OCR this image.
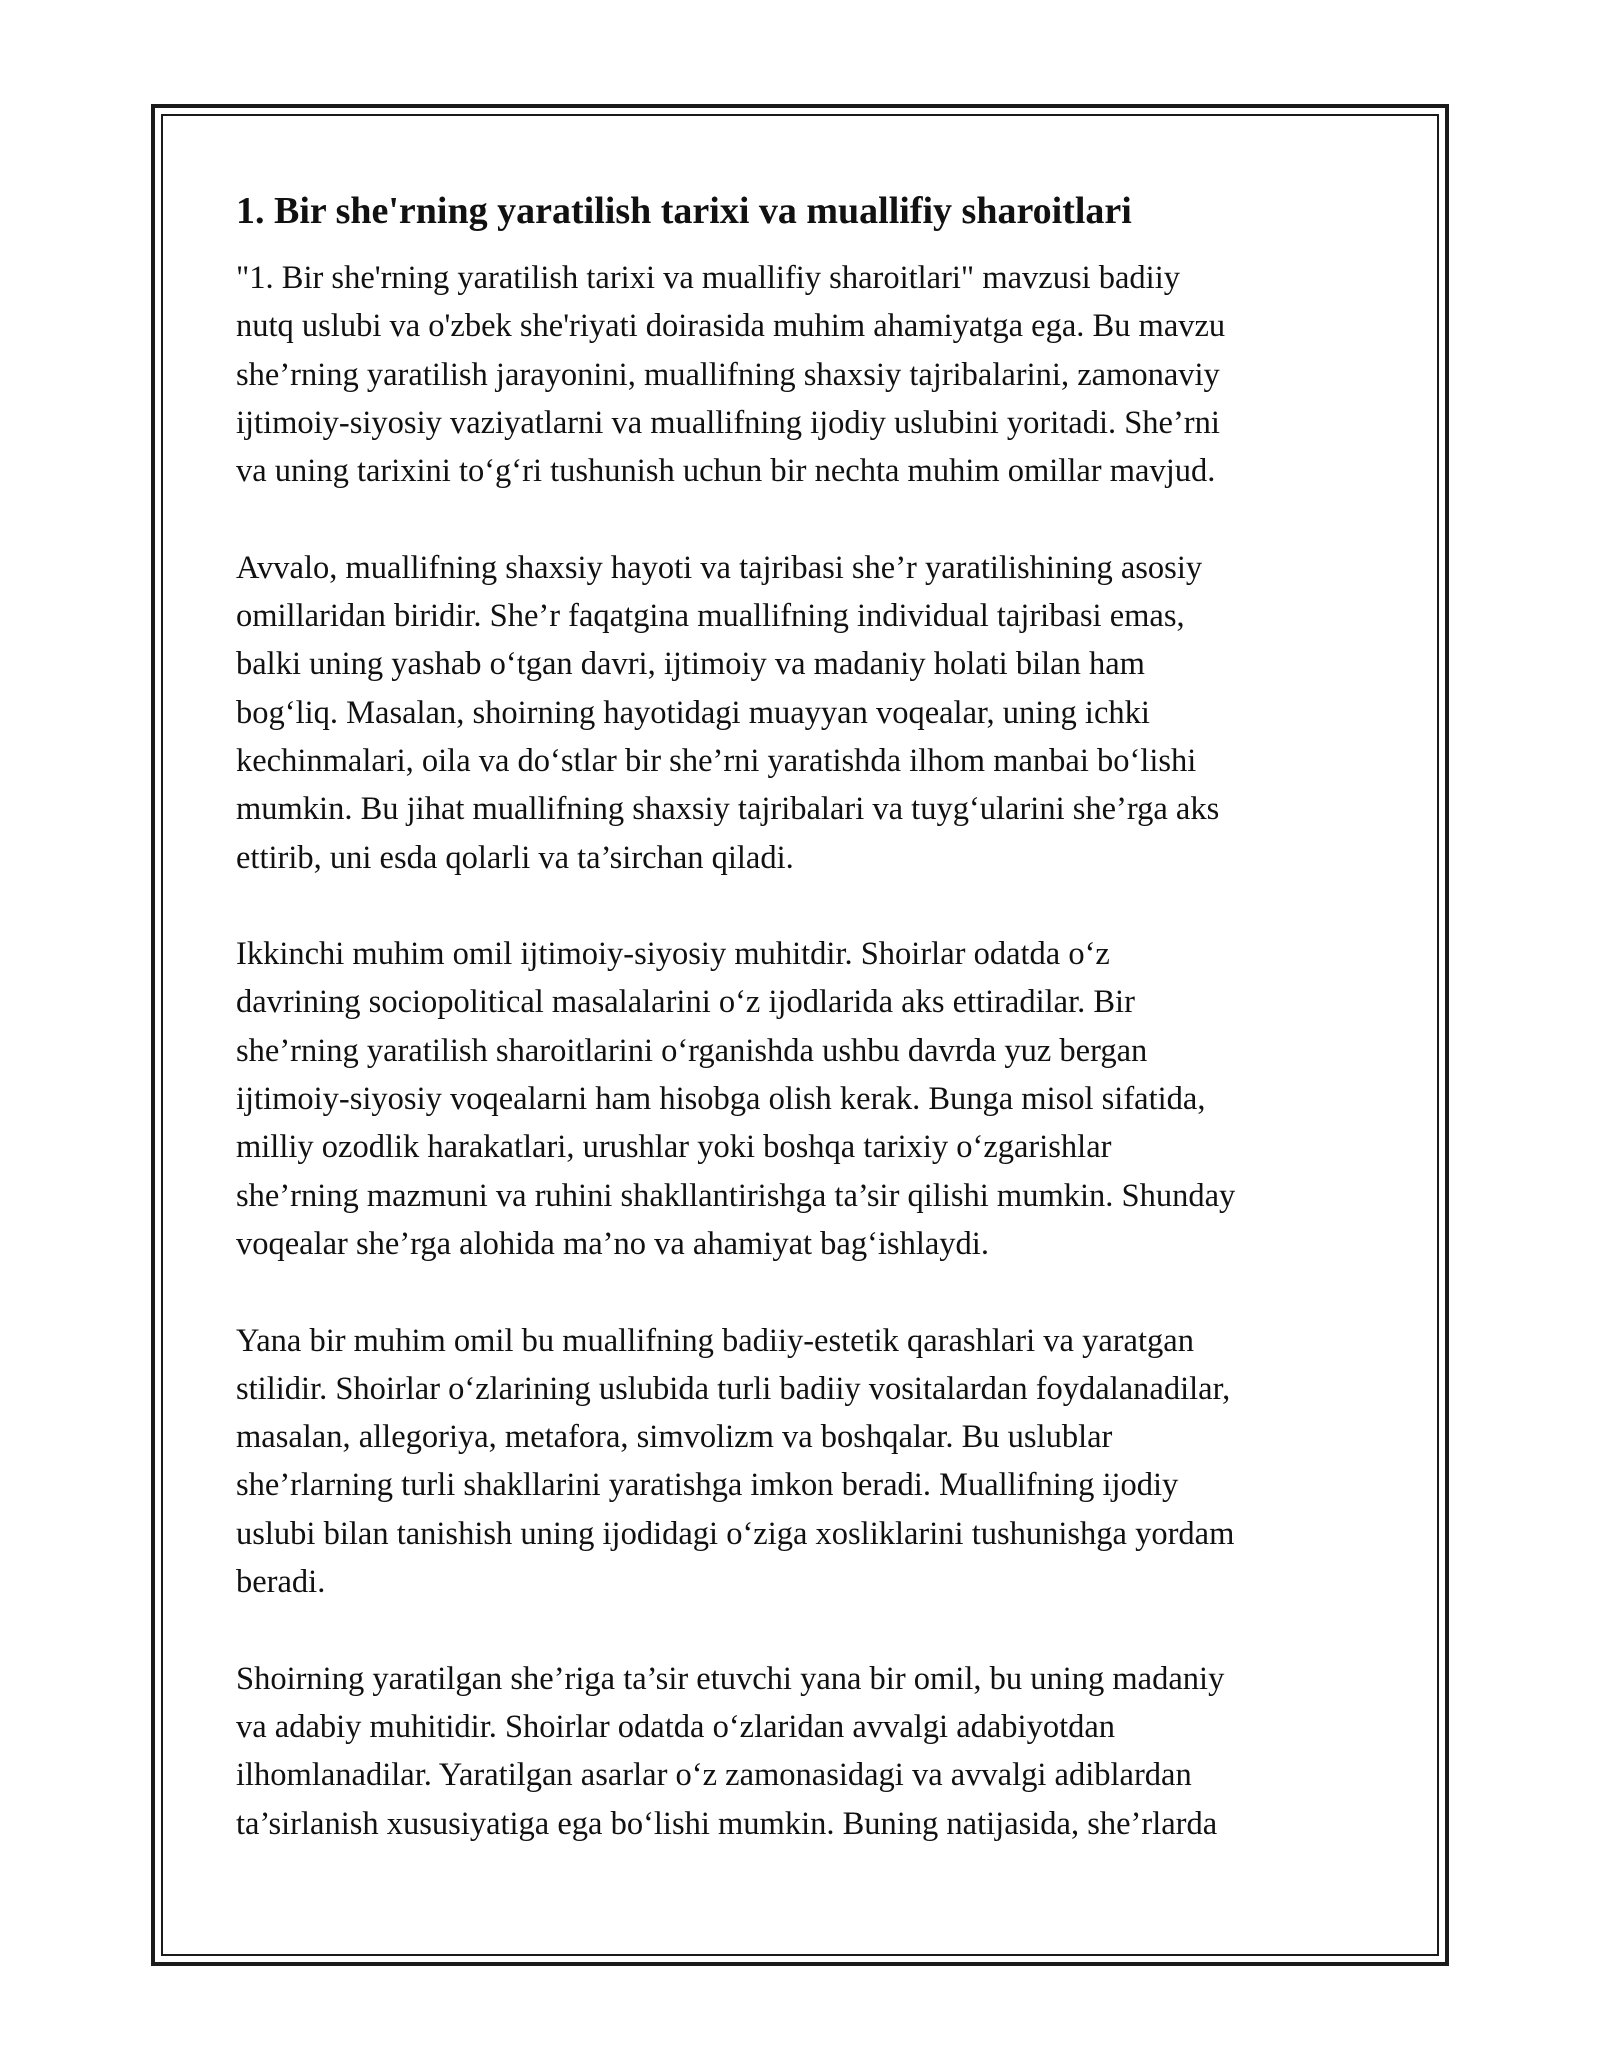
1. Bir she'rning yaratilish tarixi va muallifiy sharoitlari

"1. Bir she'rning yaratilish tarixi va muallifiy sharoitlari" mavzusi badiiy
nutq uslubi va o'zbek she'riyati doirasida muhim ahamiyatga ega. Bu mavzu
she’rning yaratilish jarayonini, muallifning shaxsiy tajribalarini, zamonaviy
ijtimoiy-siyosiy vaziyatlarni va muallifning ijodiy uslubini yoritadi. She’rni
va uning tarixini to‘g‘ri tushunish uchun bir nechta muhim omillar mavjud.

Avvalo, muallifning shaxsiy hayoti va tajribasi she’r yaratilishining asosiy
omillaridan biridir. She’r faqatgina muallifning individual tajribasi emas,
balki uning yashab o‘tgan davri, ijtimoiy va madaniy holati bilan ham
bog‘liq. Masalan, shoirning hayotidagi muayyan voqealar, uning ichki
kechinmalari, oila va do‘stlar bir she’rni yaratishda ilhom manbai bo‘lishi
mumkin. Bu jihat muallifning shaxsiy tajribalari va tuyg‘ularini she’rga aks
ettirib, uni esda qolarli va ta’sirchan qiladi.

Ikkinchi muhim omil ijtimoiy-siyosiy muhitdir. Shoirlar odatda o‘z
davrining sociopolitical masalalarini o‘z ijodlarida aks ettiradilar. Bir
she’rning yaratilish sharoitlarini o‘rganishda ushbu davrda yuz bergan
ijtimoiy-siyosiy voqealarni ham hisobga olish kerak. Bunga misol sifatida,
milliy ozodlik harakatlari, urushlar yoki boshqa tarixiy o‘zgarishlar
she’rning mazmuni va ruhini shakllantirishga ta’sir qilishi mumkin. Shunday
voqealar she’rga alohida ma’no va ahamiyat bag‘ishlaydi.

Yana bir muhim omil bu muallifning badiiy-estetik qarashlari va yaratgan
stilidir. Shoirlar o‘zlarining uslubida turli badiiy vositalardan foydalanadilar,
masalan, allegoriya, metafora, simvolizm va boshqalar. Bu uslublar
she’rlarning turli shakllarini yaratishga imkon beradi. Muallifning ijodiy
uslubi bilan tanishish uning ijodidagi o‘ziga xosliklarini tushunishga yordam
beradi.

Shoirning yaratilgan she’riga ta’sir etuvchi yana bir omil, bu uning madaniy
va adabiy muhitidir. Shoirlar odatda o‘zlaridan avvalgi adabiyotdan
ilhomlanadilar. Yaratilgan asarlar o‘z zamonasidagi va avvalgi adiblardan
ta’sirlanish xususiyatiga ega bo‘lishi mumkin. Buning natijasida, she’rlarda
